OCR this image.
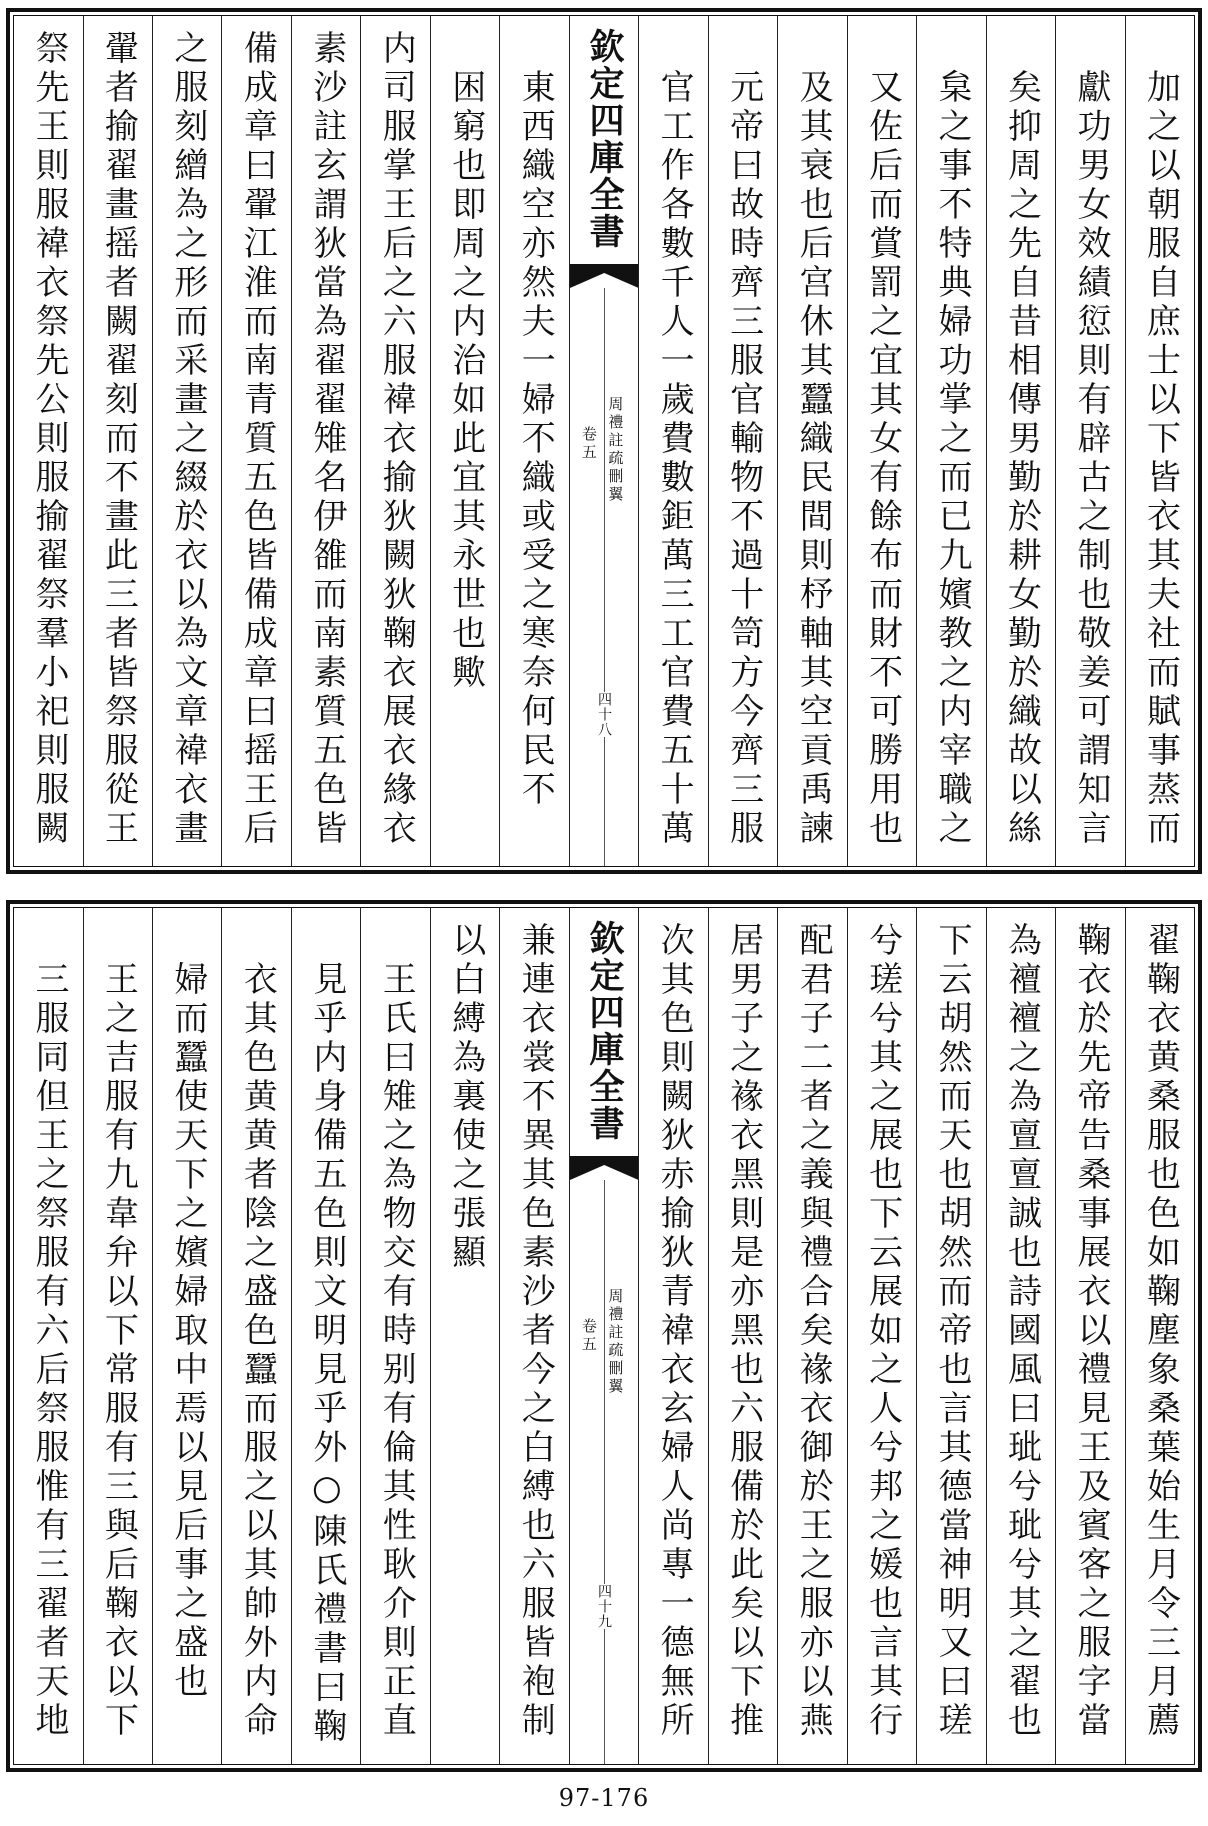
加之以朝服自庶士以下皆衣其夫社而賦事蒸而
獻功男女效績愆則有辟古之制也敬姜可謂知言
矣抑周之先自昔相傳男勤於耕女勤於織故以絲
枲之事不特典婦功掌之而已九嬪教之内宰職之
又佐后而賞罰之宜其女有餘布而財不可勝用也
及其衰也后宫休其蠶織民間則杼軸其空貢禹諫
元帝曰故時齊三服官輸物不過十笥方今齊三服
官工作各數千人一歲費數鉅萬三工官費五十萬
欽定四庫全書
周禮註疏刪翼
卷五
四十八
東西織空亦然夫一婦不織或受之寒奈何民不
困窮也即周之内治如此宜其永世也歟
内司服掌王后之六服褘衣揄狄闕狄鞠衣展衣緣衣
素沙註玄謂狄當為翟翟雉名伊雒而南素質五色皆
備成章曰翬江淮而南青質五色皆備成章曰摇王后
之服刻繒為之形而采畫之綴於衣以為文章褘衣畫
翬者揄翟畫摇者闕翟刻而不畫此三者皆祭服從王
祭先王則服褘衣祭先公則服揄翟祭羣小祀則服闕
翟鞠衣黄桑服也色如鞠塵象桑葉始生月令三月薦
鞠衣於先帝告桑事展衣以禮見王及賓客之服字當
為襢襢之為亶亶誠也詩國風曰玼兮玼兮其之翟也
下云胡然而天也胡然而帝也言其德當神明又曰瑳
兮瑳兮其之展也下云展如之人兮邦之媛也言其行
配君子二者之義與禮合矣褖衣御於王之服亦以燕
居男子之褖衣黑則是亦黑也六服備於此矣以下推
次其色則闕狄赤揄狄青褘衣玄婦人尚專一德無所
欽定四庫全書
周禮註疏刪翼
卷五
四十九
兼連衣裳不異其色素沙者今之白縛也六服皆袍制
以白縛為裏使之張顯
王氏曰雉之為物交有時别有倫其性耿介則正直
見乎内身備五色則文明見乎外○陳氏禮書曰鞠
衣其色黄黄者陰之盛色蠶而服之以其帥外内命
婦而蠶使天下之嬪婦取中焉以見后事之盛也
王之吉服有九韋弁以下常服有三與后鞠衣以下
三服同但王之祭服有六后祭服惟有三翟者天地
97-176
